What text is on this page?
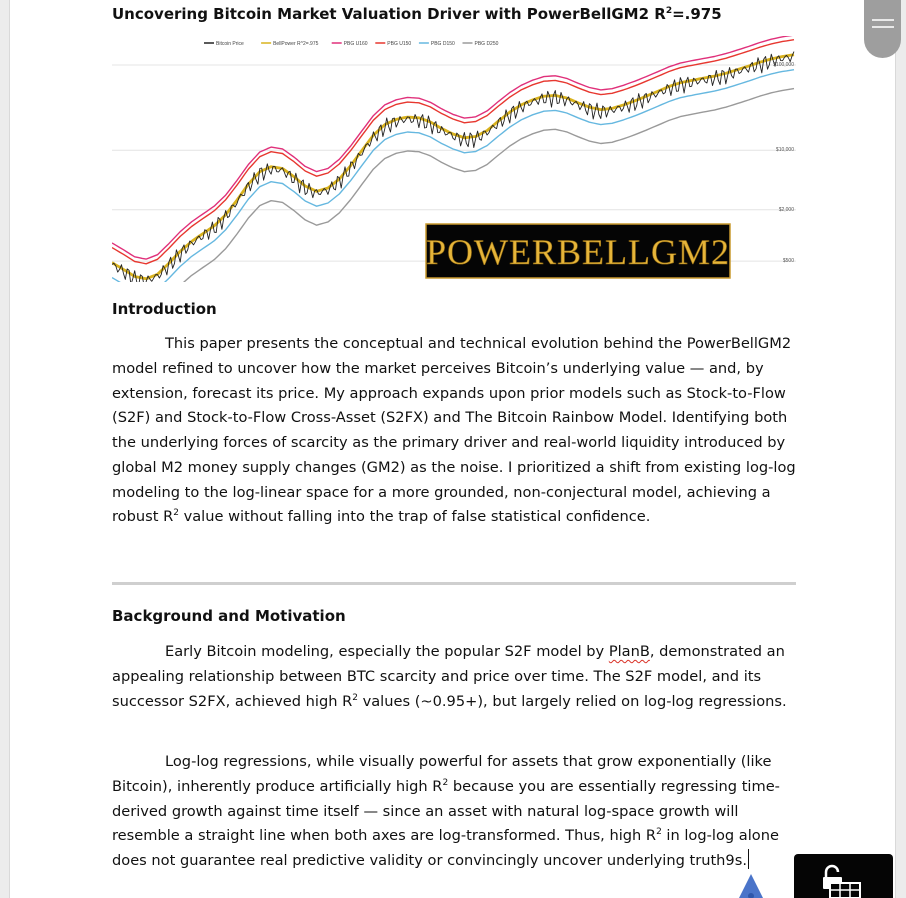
Uncovering Bitcoin Market Valuation Driver with PowerBellGM2 $R^2=.975$
Bitcoin Price	BellPower R^2=.975	PBG U160	PBG U150	PBG D150	PBG D250
$500
$2,000
$10,000
$100,000
POWERBELLGM2
Introduction

This paper presents the conceptual and technical evolution behind the PowerBellGM2 model refined to uncover how the market perceives Bitcoin’s underlying value — and, by extension, forecast its price. My approach expands upon prior models such as Stock-to-Flow (S2F) and Stock-to-Flow Cross-Asset (S2FX) and The Bitcoin Rainbow Model. Identifying both the underlying forces of scarcity as the primary driver and real-world liquidity introduced by global M2 money supply changes (GM2) as the noise. I prioritized a shift from existing log-log modeling to the log-linear space for a more grounded, non-conjectural model, achieving a robust $R^2$ value without falling into the trap of false statistical confidence.

Background and Motivation

Early Bitcoin modeling, especially the popular S2F model by PlanB, demonstrated an appealing relationship between BTC scarcity and price over time. The S2F model, and its successor S2FX, achieved high $R^2$ values (~0.95+), but largely relied on log-log regressions.

Log-log regressions, while visually powerful for assets that grow exponentially (like Bitcoin), inherently produce artificially high $R^2$ because you are essentially regressing time-derived growth against time itself — since an asset with natural log-space growth will resemble a straight line when both axes are log-transformed. Thus, high $R^2$ in log-log alone does not guarantee real predictive validity or convincingly uncover underlying truth9s.
